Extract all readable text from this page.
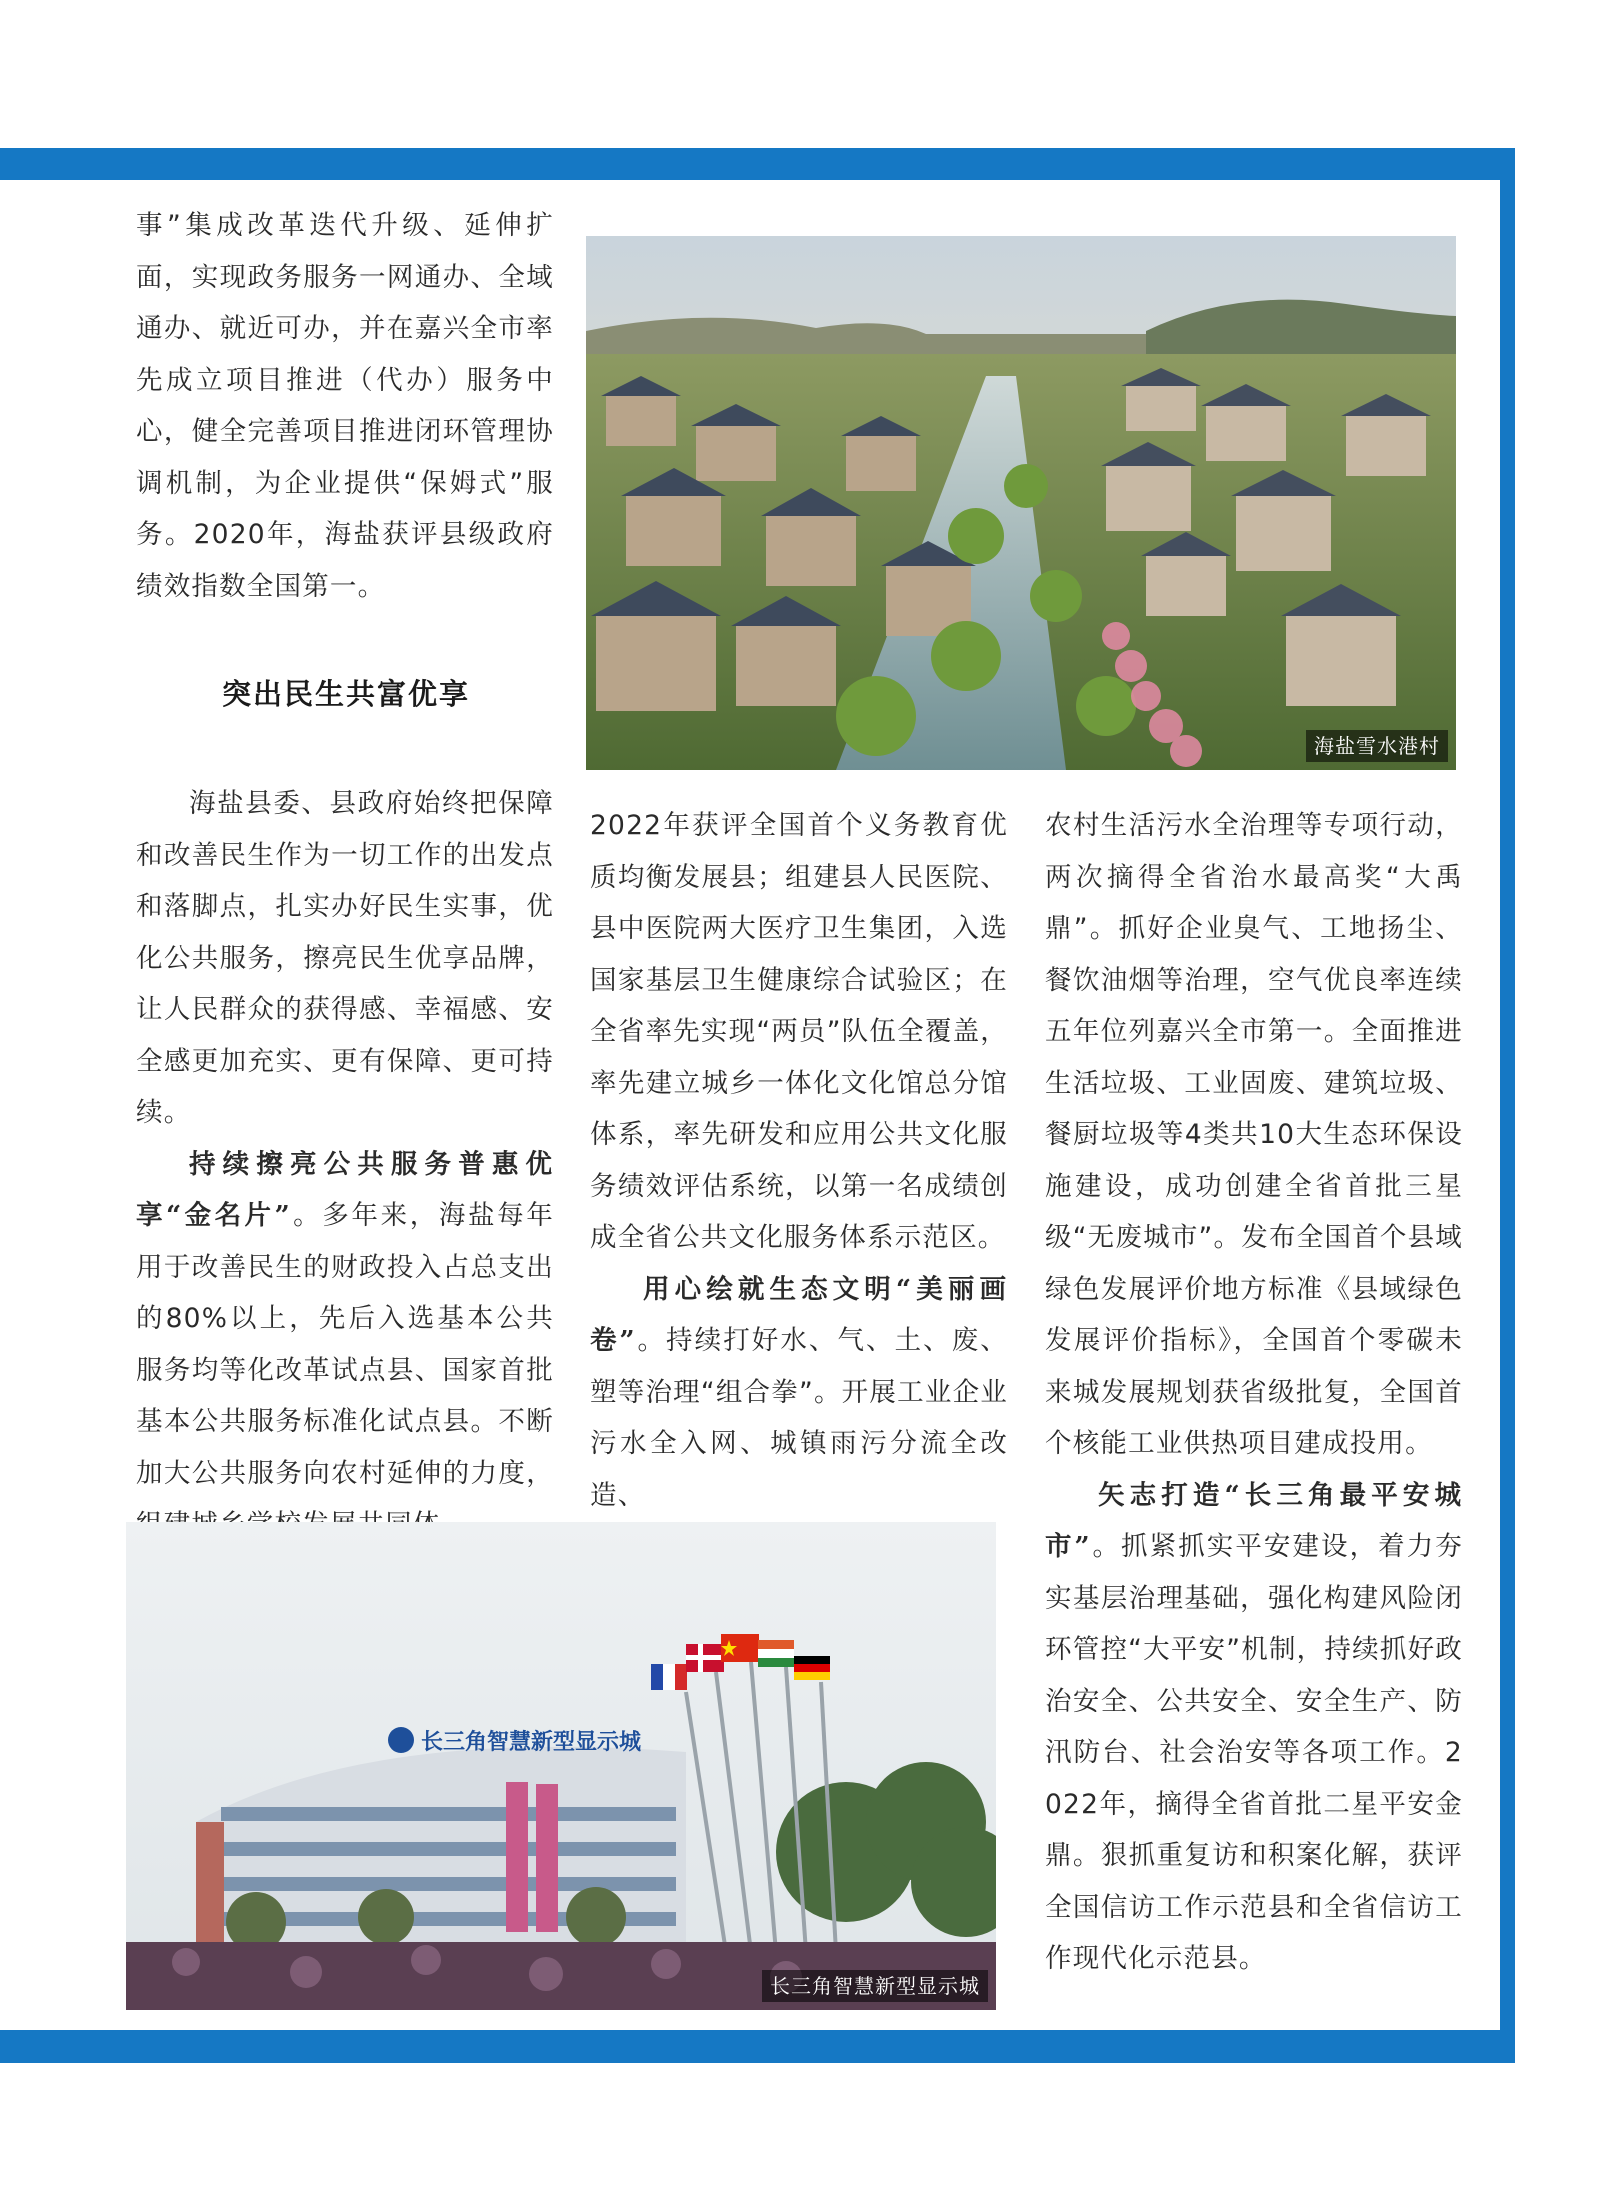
事”集成改革迭代升级、延伸扩面，实现政务服务一网通办、全域通办、就近可办，并在嘉兴全市率先成立项目推进（代办）服务中心，健全完善项目推进闭环管理协调机制，为企业提供“保姆式”服务。2020年，海盐获评县级政府绩效指数全国第一。

突出民生共富优享

海盐县委、县政府始终把保障和改善民生作为一切工作的出发点和落脚点，扎实办好民生实事，优化公共服务，擦亮民生优享品牌，让人民群众的获得感、幸福感、安全感更加充实、更有保障、更可持续。

持续擦亮公共服务普惠优享“金名片”。多年来，海盐每年用于改善民生的财政投入占总支出的80%以上，先后入选基本公共服务均等化改革试点县、国家首批基本公共服务标准化试点县。不断加大公共服务向农村延伸的力度，

2022年获评全国首个义务教育优质均衡发展县；组建县人民医院、县中医院两大医疗卫生集团，入选国家基层卫生健康综合试验区；在全省率先实现“两员”队伍全覆盖，率先建立城乡一体化文化馆总分馆体系，率先研发和应用公共文化服务绩效评估系统，以第一名成绩创成全省公共文化服务体系示范区。

用心绘就生态文明“美丽画卷”。持续打好水、气、土、废、塑等治理“组合拳”。开展工业企业污水全入网、城镇雨污分流全改造、

农村生活污水全治理等专项行动，两次摘得全省治水最高奖“大禹鼎”。抓好企业臭气、工地扬尘、餐饮油烟等治理，空气优良率连续五年位列嘉兴全市第一。全面推进生活垃圾、工业固废、建筑垃圾、餐厨垃圾等4类共10大生态环保设施建设，成功创建全省首批三星级“无废城市”。发布全国首个县域绿色发展评价地方标准《县域绿色发展评价指标》，全国首个零碳未来城发展规划获省级批复，全国首个核能工业供热项目建成投用。

矢志打造“长三角最平安城市”。抓紧抓实平安建设，着力夯实基层治理基础，强化构建风险闭环管控“大平安”机制，持续抓好政治安全、公共安全、安全生产、防汛防台、社会治安等各项工作。2022年，摘得全省首批二星平安金鼎。狠抓重复访和积案化解，获评全国信访工作示范县和全省信访工作现代化示范县。

海盐雪水港村
长三角智慧新型显示城
长三角智慧新型显示城
